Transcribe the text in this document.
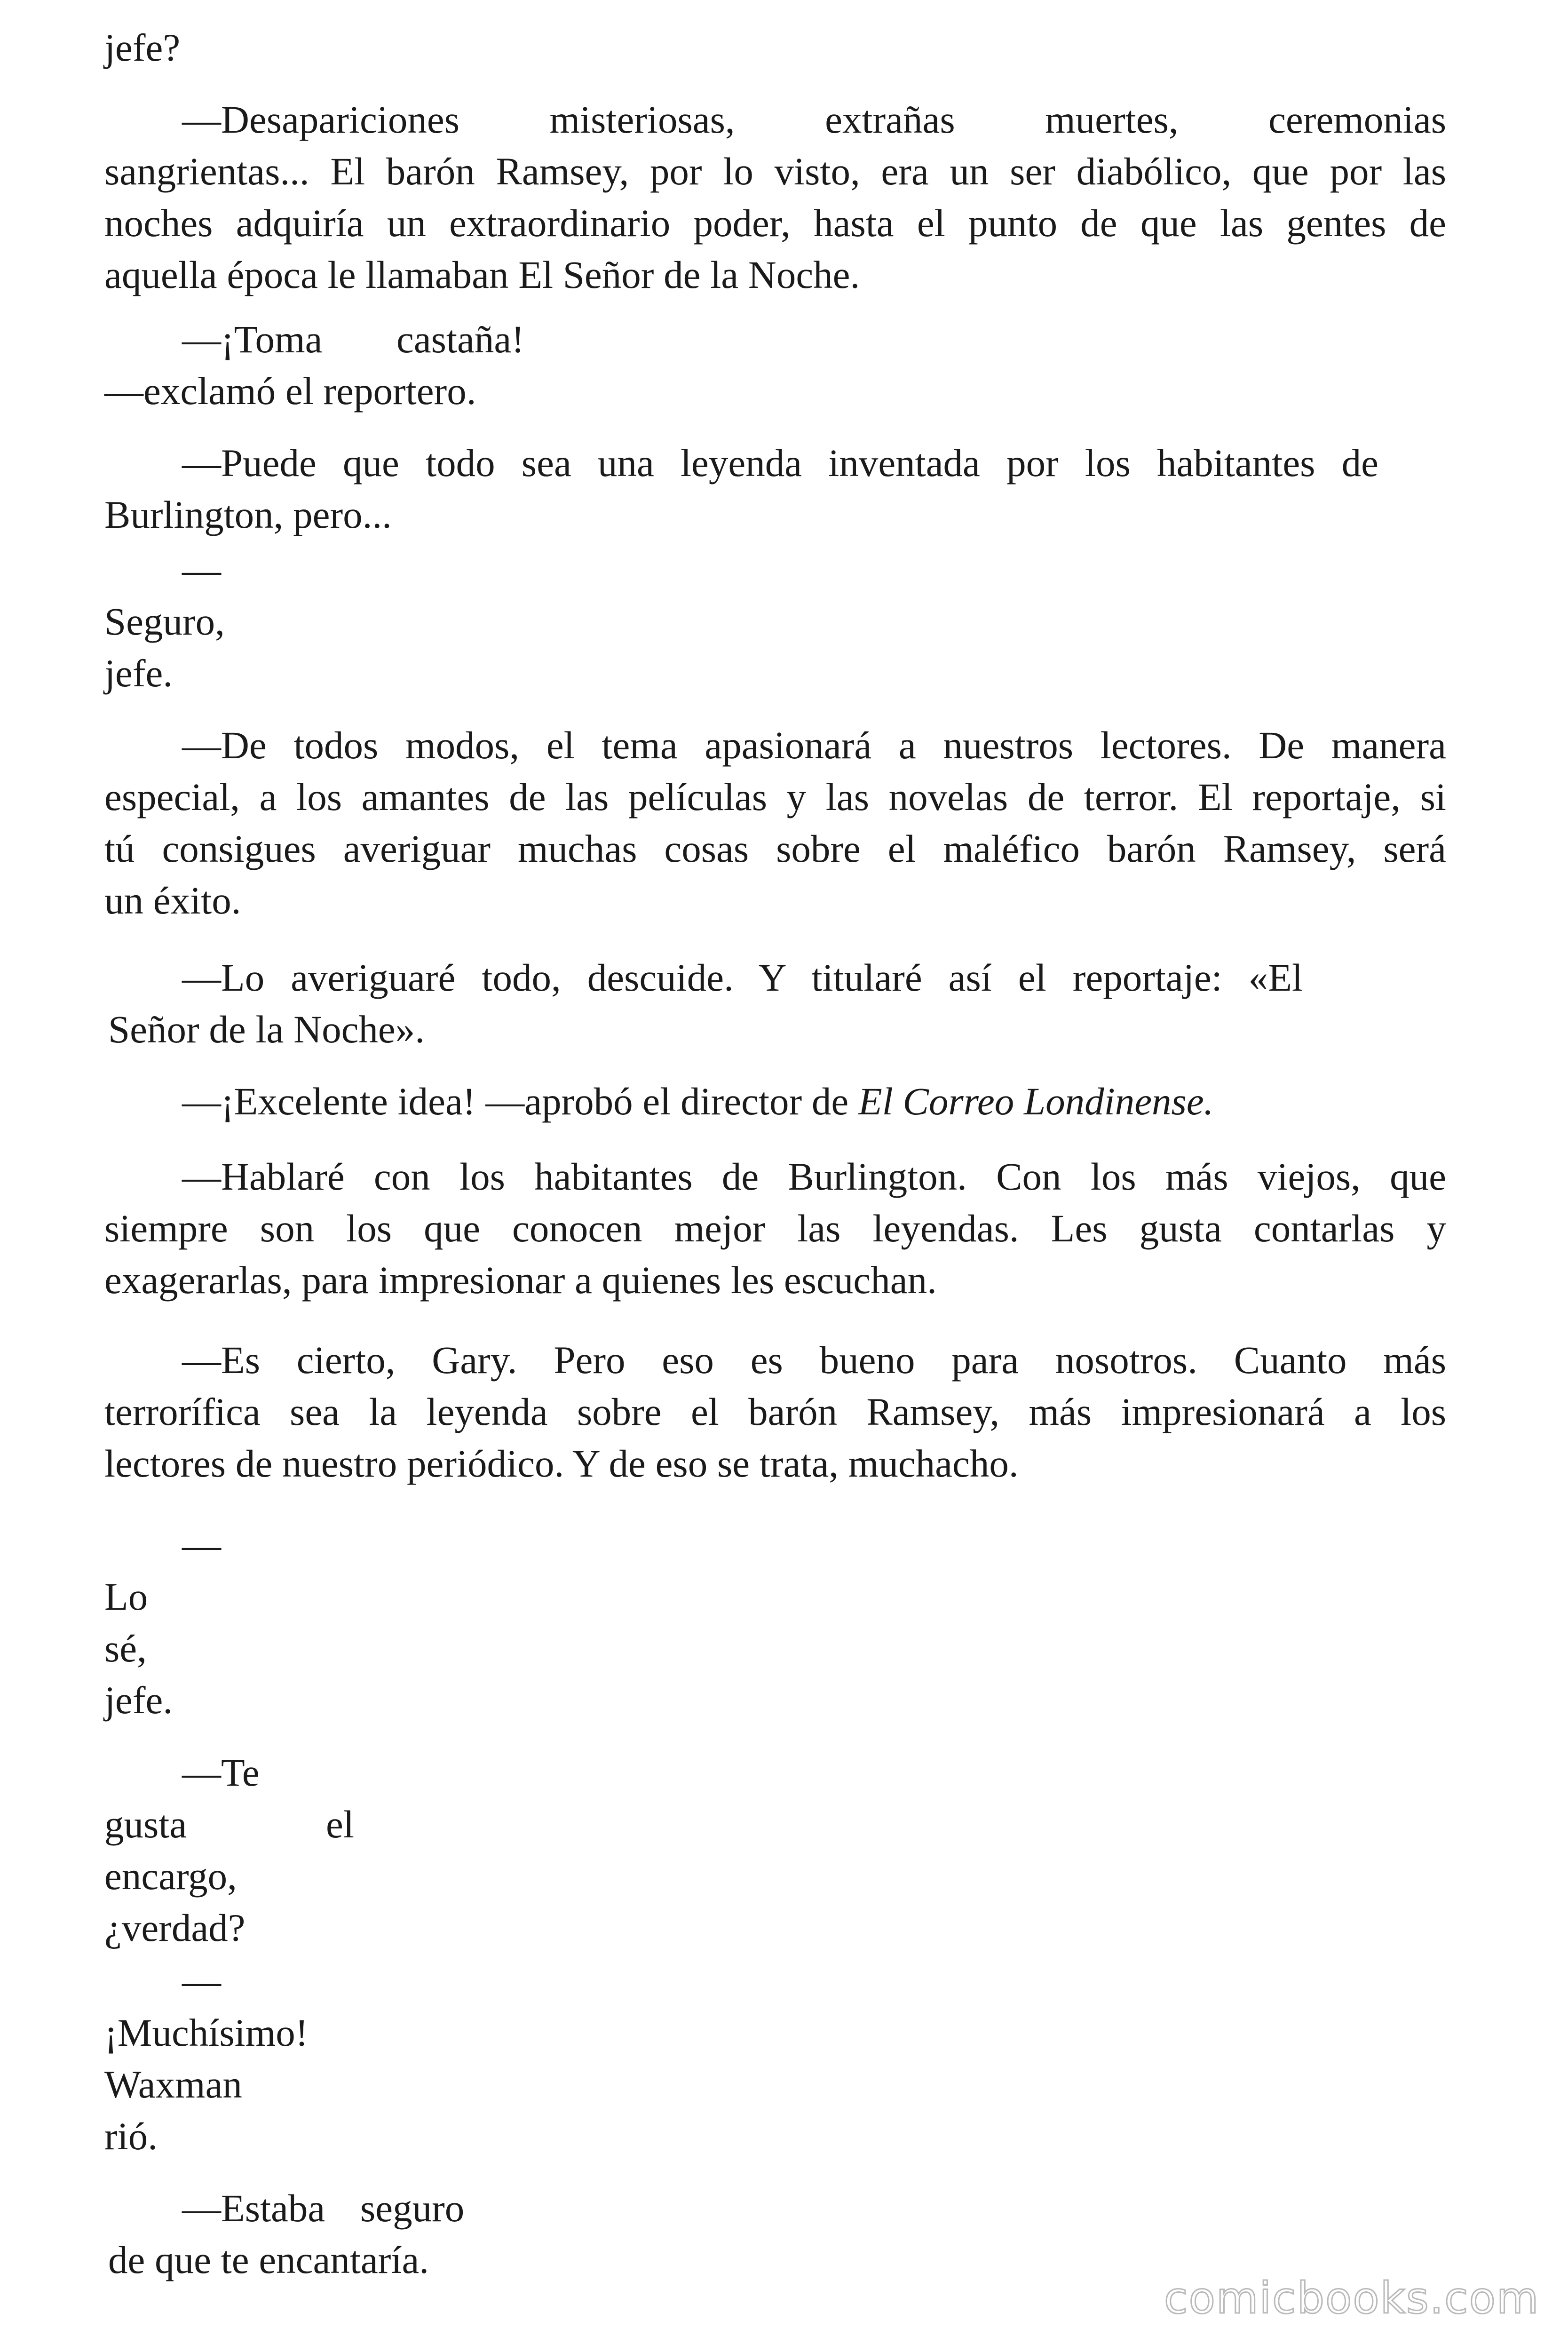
jefe?

—Desapariciones misteriosas, extrañas muertes, ceremonias

sangrientas... El barón Ramsey, por lo visto, era un ser diabólico, que por las

noches adquiría un extraordinario poder, hasta el punto de que las gentes de

aquella época le llamaban El Señor de la Noche.

—¡Toma castaña!

—exclamó el reportero.

—Puede que todo sea una leyenda inventada por los habitantes de

Burlington, pero...

—

Seguro,

jefe.

—De todos modos, el tema apasionará a nuestros lectores. De manera

especial, a los amantes de las películas y las novelas de terror. El reportaje, si

tú consigues averiguar muchas cosas sobre el maléfico barón Ramsey, será

un éxito.

—Lo averiguaré todo, descuide. Y titularé así el reportaje: «El

Señor de la Noche».

—¡Excelente idea! —aprobó el director de El Correo Londinense.

—Hablaré con los habitantes de Burlington. Con los más viejos, que

siempre son los que conocen mejor las leyendas. Les gusta contarlas y

exagerarlas, para impresionar a quienes les escuchan.

—Es cierto, Gary. Pero eso es bueno para nosotros. Cuanto más

terrorífica sea la leyenda sobre el barón Ramsey, más impresionará a los

lectores de nuestro periódico. Y de eso se trata, muchacho.

—

Lo

sé,

jefe.

—Te

gusta	el

encargo,

¿verdad?

—

¡Muchísimo!

Waxman

rió.

—Estaba seguro

de que te encantaría.

comicbooks.com
